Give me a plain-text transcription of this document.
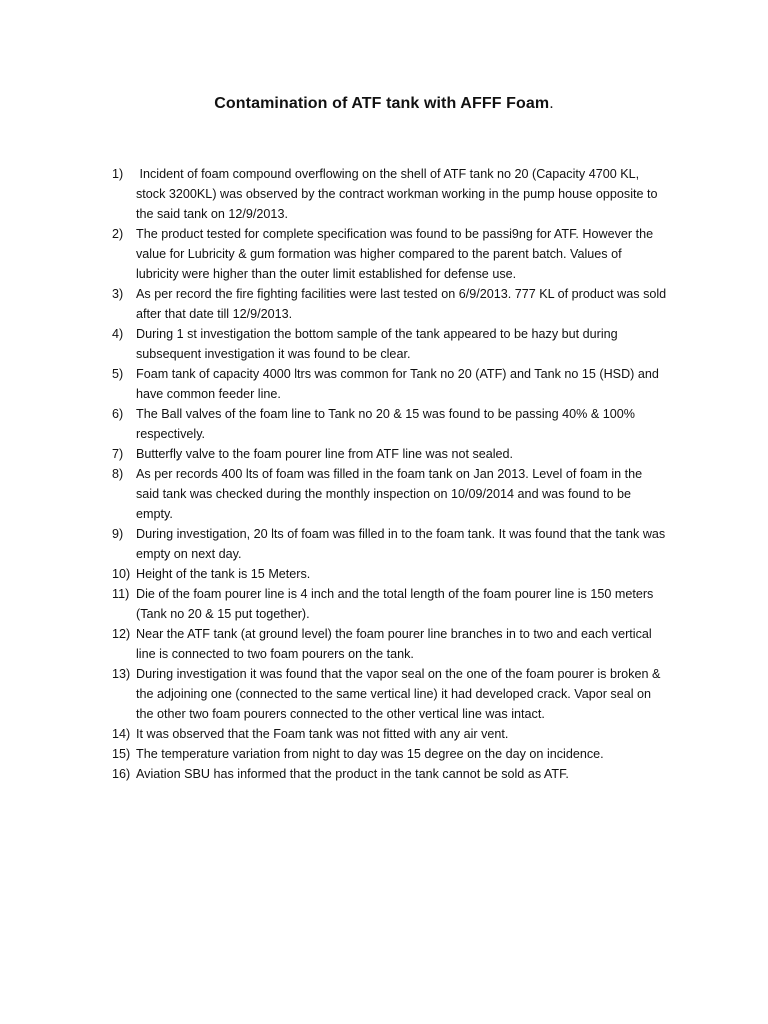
Contamination of ATF tank with AFFF Foam.
1)	Incident of foam compound overflowing on the shell of ATF tank no 20 (Capacity 4700 KL, stock 3200KL) was observed by the contract workman working in the pump house opposite to the said tank on 12/9/2013.
2)	The product tested for complete specification was found to be passi9ng for ATF. However the value for Lubricity & gum formation was higher compared to the parent batch. Values of lubricity were higher than the outer limit established for defense use.
3)	As per record the fire fighting facilities were last tested on 6/9/2013. 777 KL of product was sold after that date till 12/9/2013.
4)	During 1 st investigation the bottom sample of the tank appeared to be hazy but during subsequent investigation it was found to be clear.
5)	Foam tank of capacity 4000 ltrs was common for Tank no 20 (ATF) and Tank no 15 (HSD) and have common feeder line.
6)	The Ball valves of the foam line to Tank no 20 & 15 was found to be passing 40% & 100% respectively.
7)	Butterfly valve to the foam pourer line from ATF line was not sealed.
8)	As per records 400 lts of foam was filled in the foam tank on Jan 2013. Level of foam in the said tank was checked during the monthly inspection on 10/09/2014 and was found to be empty.
9)	During investigation, 20 lts of foam was filled in to the foam tank. It was found that the tank was empty on next day.
10) Height of the tank is 15 Meters.
11) Die of the foam pourer line is 4 inch and the total length of the foam pourer line is 150 meters (Tank no 20 & 15 put together).
12) Near the ATF tank (at ground level) the foam pourer line branches in to two and each vertical line is connected to two foam pourers on the tank.
13) During investigation it was found that the vapor seal on the one of the foam pourer is broken & the adjoining one (connected to the same vertical line) it had developed crack. Vapor seal on the other two foam pourers connected to the other vertical line was intact.
14) It was observed that the Foam tank was not fitted with any air vent.
15) The temperature variation from night to day was 15 degree on the day on incidence.
16) Aviation SBU has informed that the product in the tank cannot be sold as ATF.
